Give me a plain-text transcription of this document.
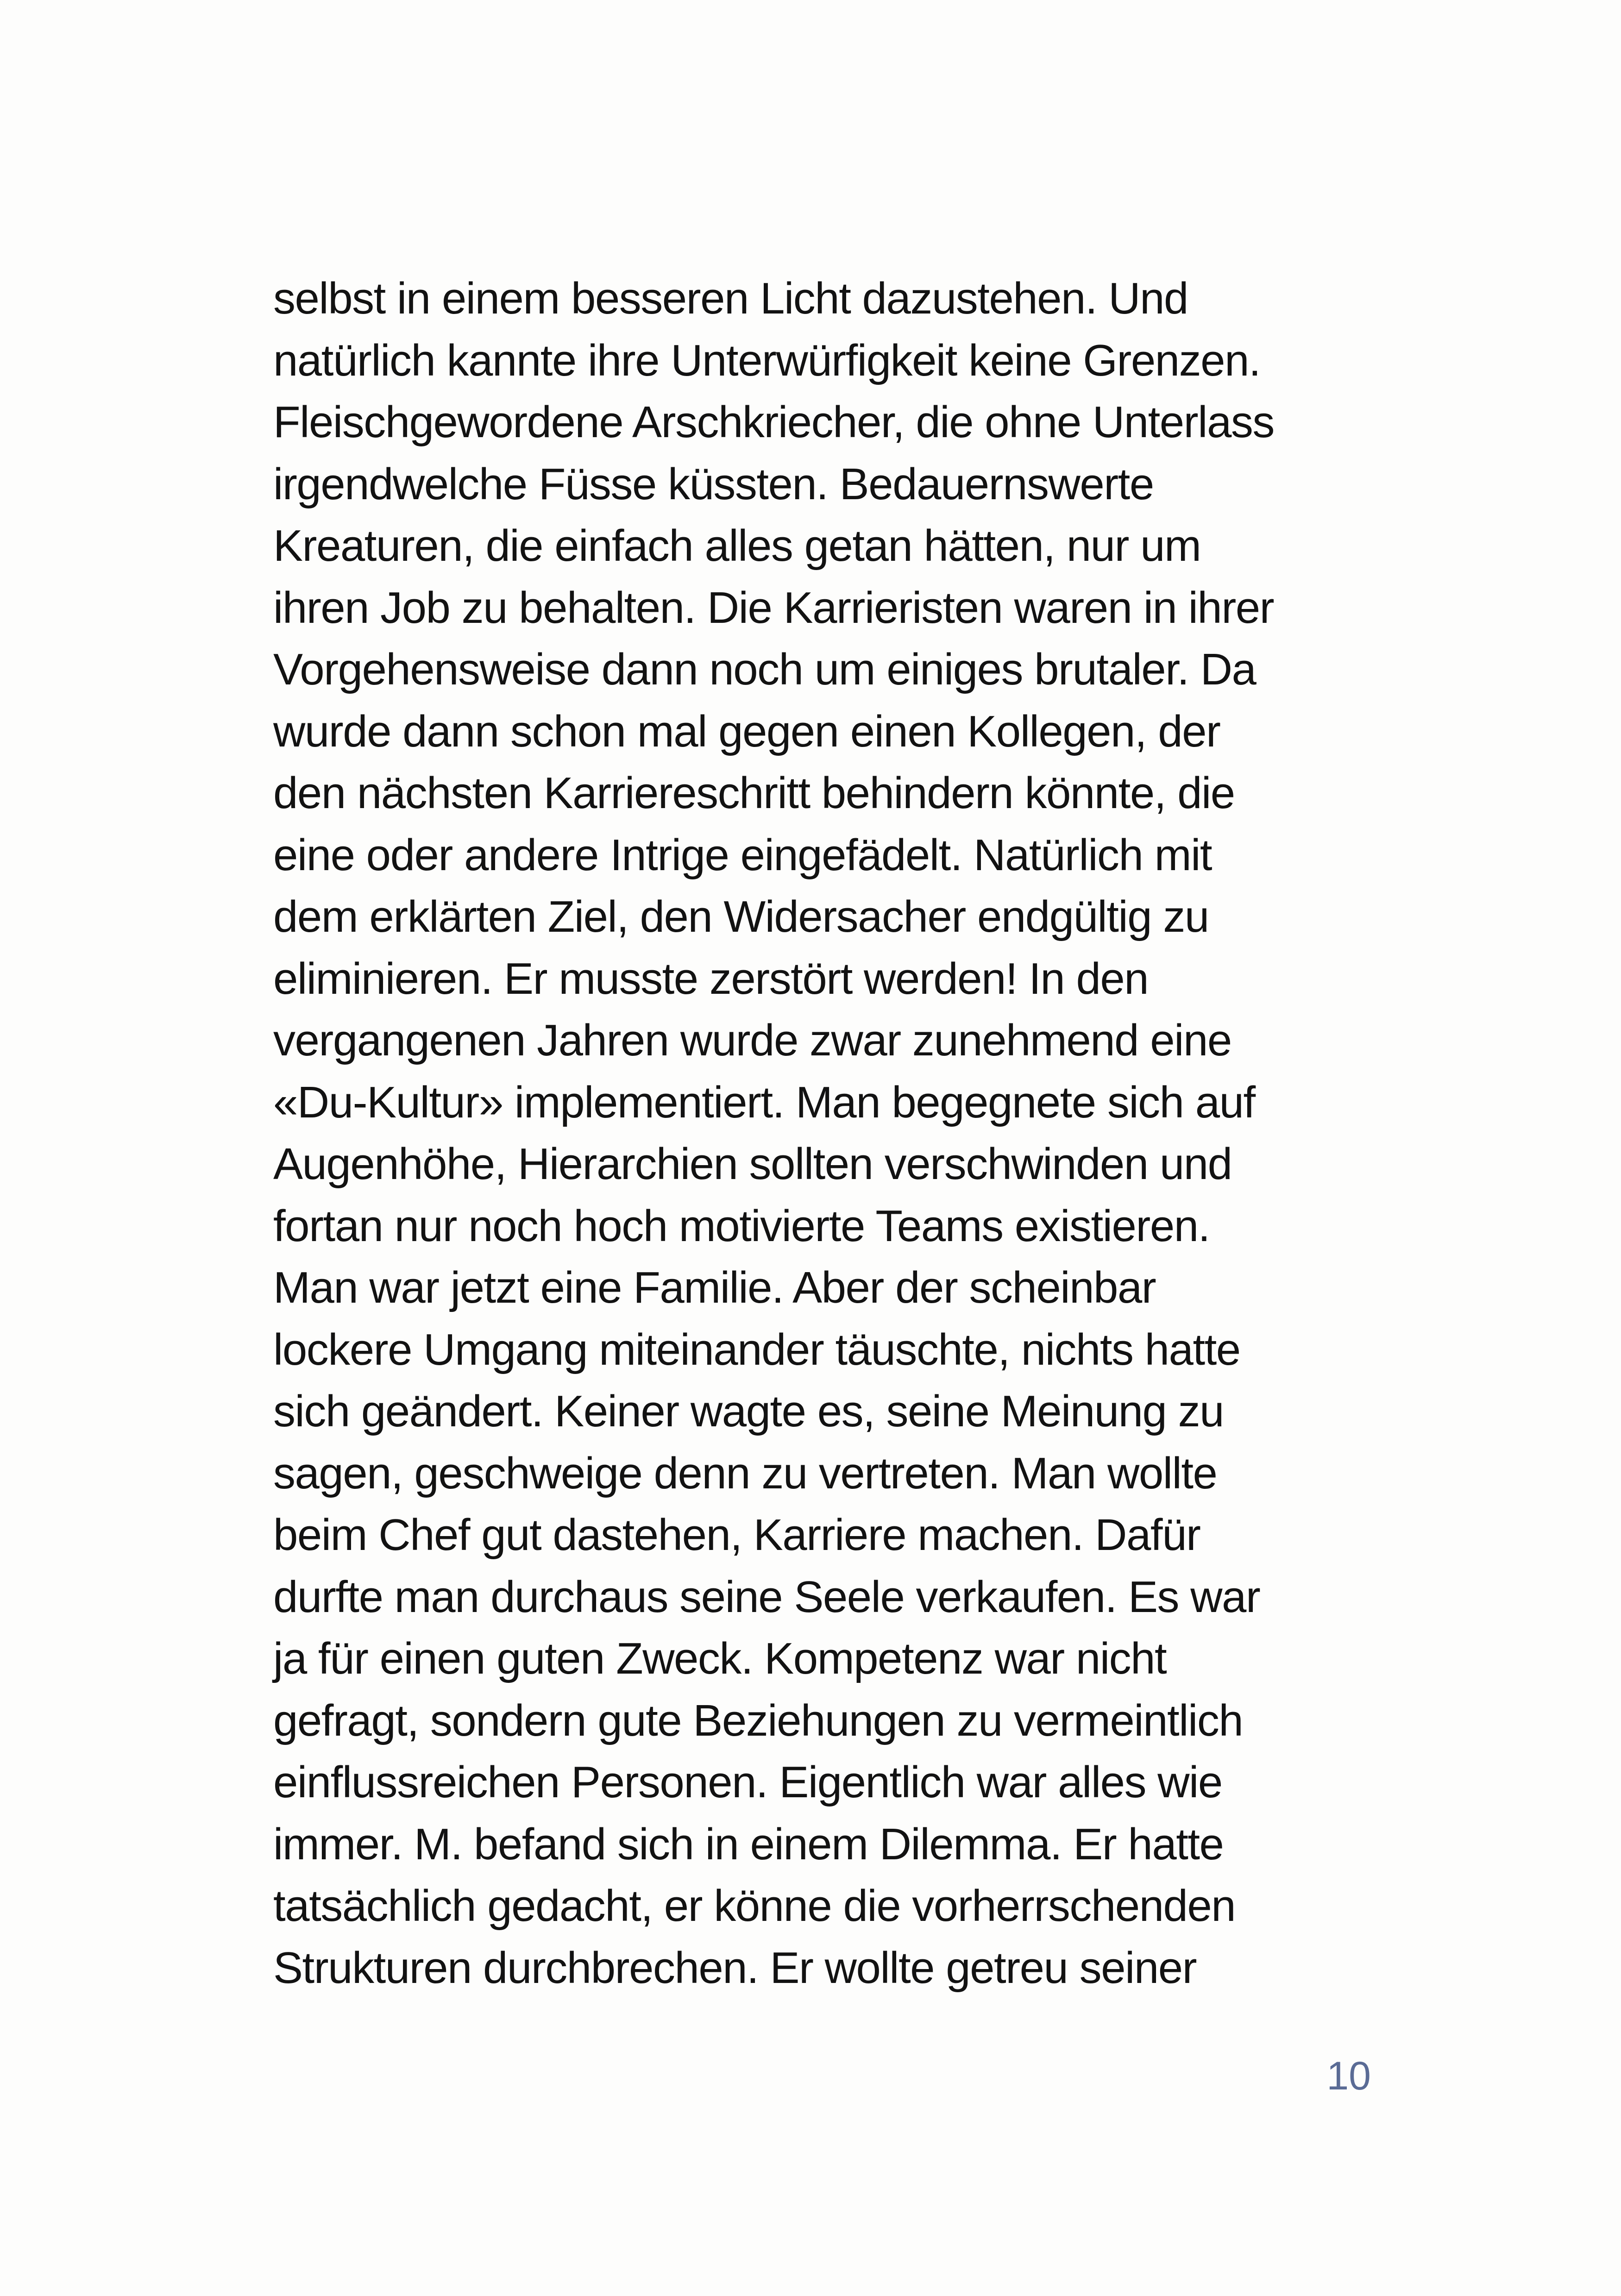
selbst in einem besseren Licht dazustehen. Und
natürlich kannte ihre Unterwürfigkeit keine Grenzen.
Fleischgewordene Arschkriecher, die ohne Unterlass
irgendwelche Füsse küssten. Bedauernswerte
Kreaturen, die einfach alles getan hätten, nur um
ihren Job zu behalten. Die Karrieristen waren in ihrer
Vorgehensweise dann noch um einiges brutaler. Da
wurde dann schon mal gegen einen Kollegen, der
den nächsten Karriereschritt behindern könnte, die
eine oder andere Intrige eingefädelt. Natürlich mit
dem erklärten Ziel, den Widersacher endgültig zu
eliminieren. Er musste zerstört werden! In den
vergangenen Jahren wurde zwar zunehmend eine
«Du-Kultur» implementiert. Man begegnete sich auf
Augenhöhe, Hierarchien sollten verschwinden und
fortan nur noch hoch motivierte Teams existieren.
Man war jetzt eine Familie. Aber der scheinbar
lockere Umgang miteinander täuschte, nichts hatte
sich geändert. Keiner wagte es, seine Meinung zu
sagen, geschweige denn zu vertreten. Man wollte
beim Chef gut dastehen, Karriere machen. Dafür
durfte man durchaus seine Seele verkaufen. Es war
ja für einen guten Zweck. Kompetenz war nicht
gefragt, sondern gute Beziehungen zu vermeintlich
einflussreichen Personen. Eigentlich war alles wie
immer. M. befand sich in einem Dilemma. Er hatte
tatsächlich gedacht, er könne die vorherrschenden
Strukturen durchbrechen. Er wollte getreu seiner
10
